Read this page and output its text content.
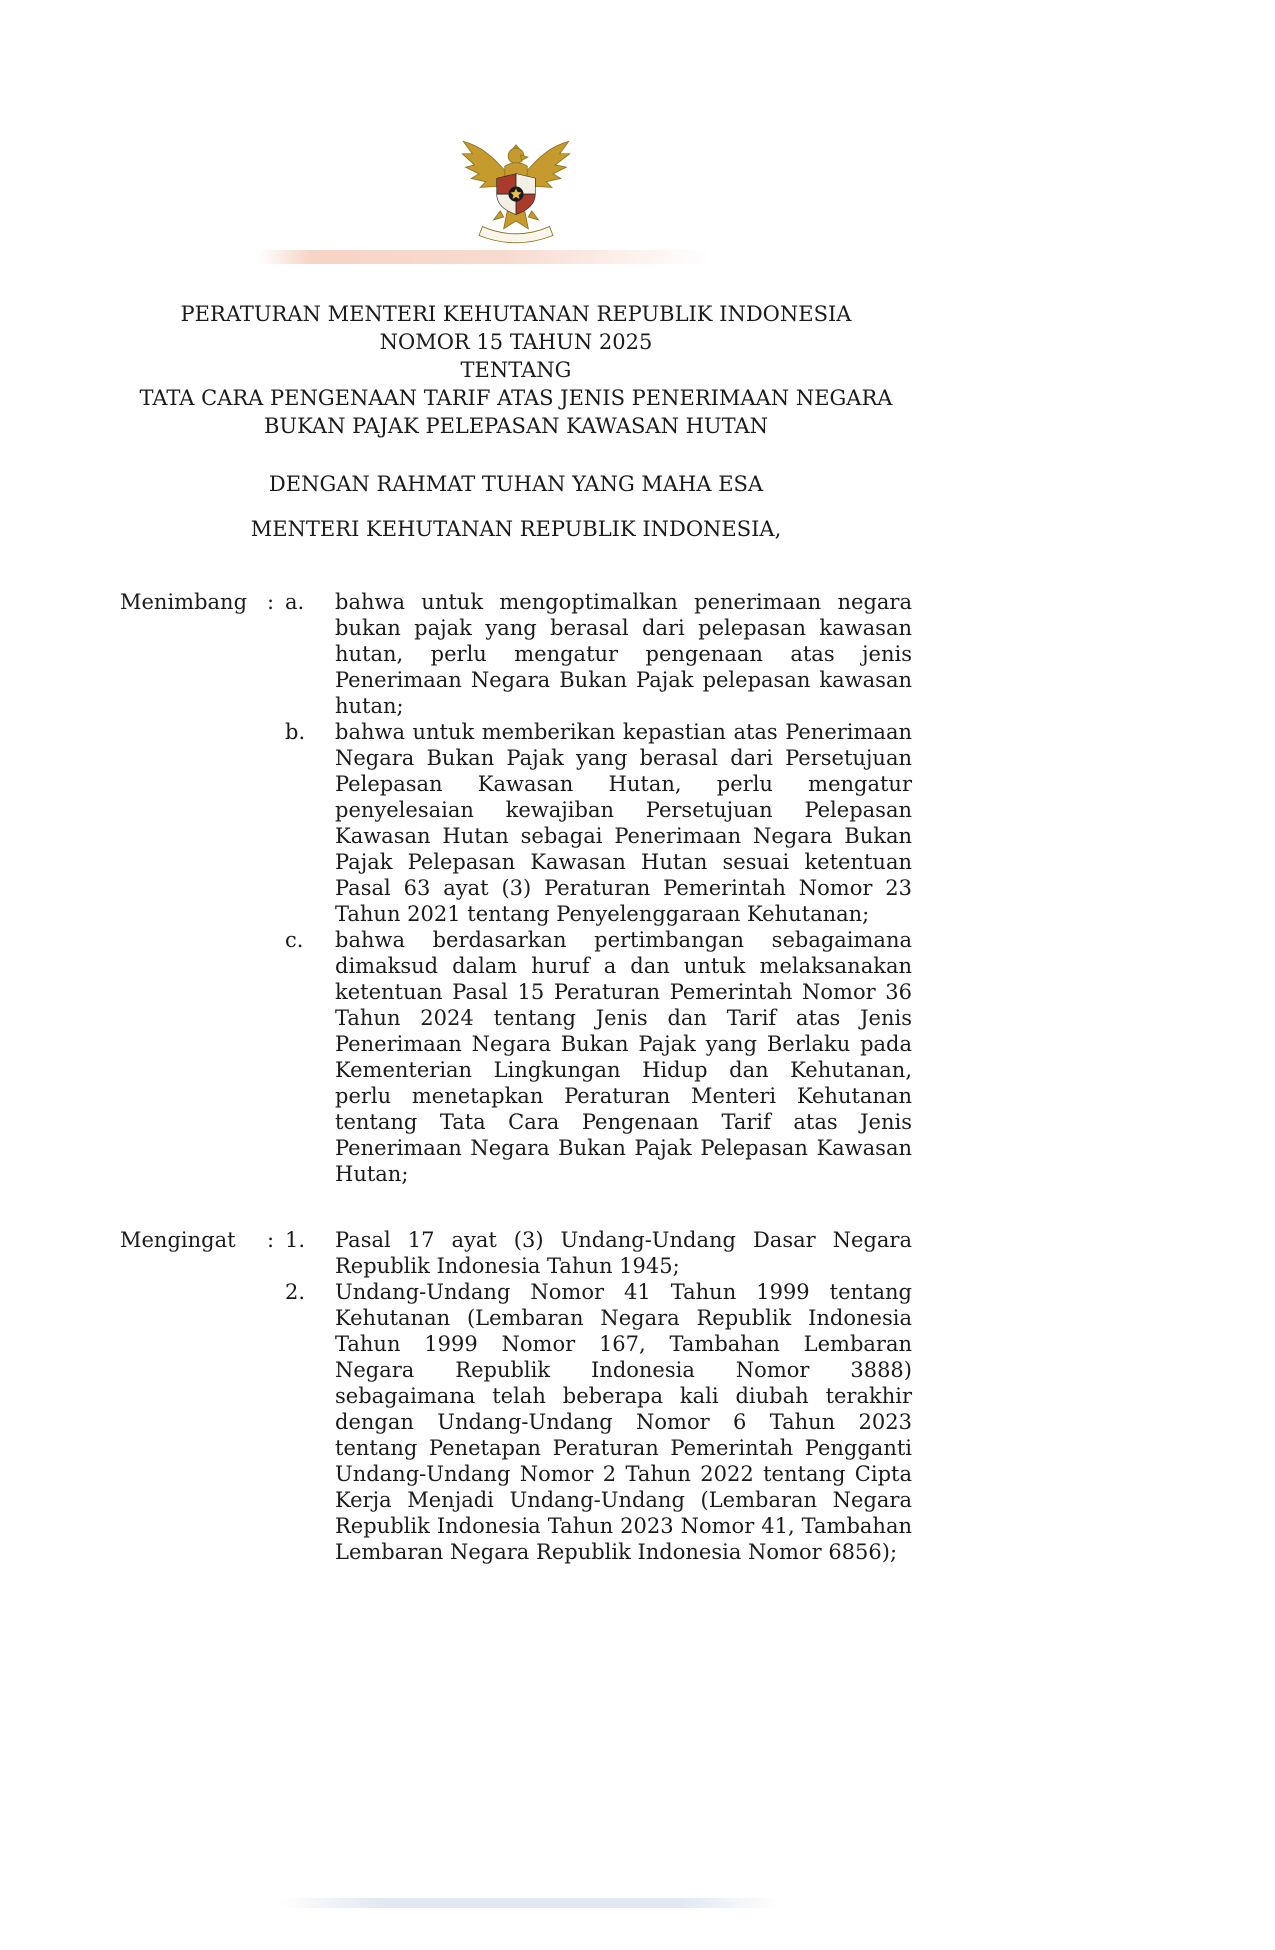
PERATURAN MENTERI KEHUTANAN REPUBLIK INDONESIA
NOMOR 15 TAHUN 2025
TENTANG
TATA CARA PENGENAAN TARIF ATAS JENIS PENERIMAAN NEGARA BUKAN PAJAK PELEPASAN KAWASAN HUTAN
DENGAN RAHMAT TUHAN YANG MAHA ESA
MENTERI KEHUTANAN REPUBLIK INDONESIA,
Menimbang : a.	bahwa untuk mengoptimalkan penerimaan negara bukan pajak yang berasal dari pelepasan kawasan hutan, perlu mengatur pengenaan atas jenis Penerimaan Negara Bukan Pajak pelepasan kawasan hutan;
b.	bahwa untuk memberikan kepastian atas Penerimaan Negara Bukan Pajak yang berasal dari Persetujuan Pelepasan Kawasan Hutan, perlu mengatur penyelesaian kewajiban Persetujuan Pelepasan Kawasan Hutan sebagai Penerimaan Negara Bukan Pajak Pelepasan Kawasan Hutan sesuai ketentuan Pasal 63 ayat (3) Peraturan Pemerintah Nomor 23 Tahun 2021 tentang Penyelenggaraan Kehutanan;
c.	bahwa berdasarkan pertimbangan sebagaimana dimaksud dalam huruf a dan untuk melaksanakan ketentuan Pasal 15 Peraturan Pemerintah Nomor 36 Tahun 2024 tentang Jenis dan Tarif atas Jenis Penerimaan Negara Bukan Pajak yang Berlaku pada Kementerian Lingkungan Hidup dan Kehutanan, perlu menetapkan Peraturan Menteri Kehutanan tentang Tata Cara Pengenaan Tarif atas Jenis Penerimaan Negara Bukan Pajak Pelepasan Kawasan Hutan;
Mengingat	: 1.	Pasal 17 ayat (3) Undang-Undang Dasar Negara Republik Indonesia Tahun 1945;
2.	Undang-Undang Nomor 41 Tahun 1999 tentang Kehutanan (Lembaran Negara Republik Indonesia Tahun 1999 Nomor 167, Tambahan Lembaran Negara Republik Indonesia Nomor 3888) sebagaimana telah beberapa kali diubah terakhir dengan Undang-Undang Nomor 6 Tahun 2023 tentang Penetapan Peraturan Pemerintah Pengganti Undang-Undang Nomor 2 Tahun 2022 tentang Cipta Kerja Menjadi Undang-Undang (Lembaran Negara Republik Indonesia Tahun 2023 Nomor 41, Tambahan Lembaran Negara Republik Indonesia Nomor 6856);
